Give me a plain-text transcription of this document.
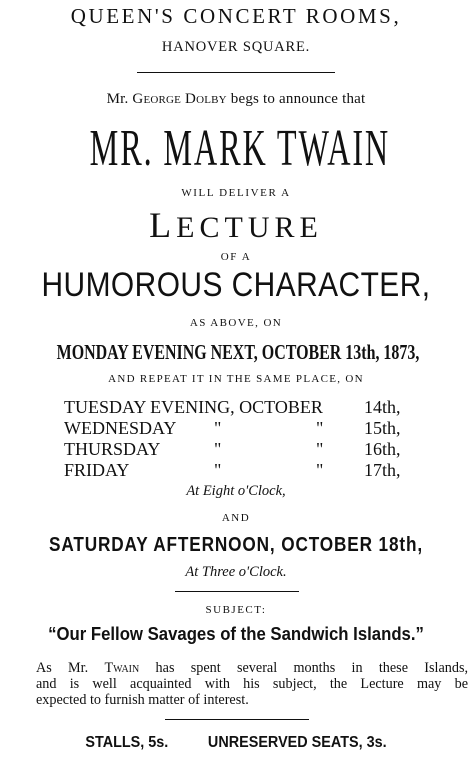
QUEEN'S CONCERT ROOMS,
HANOVER SQUARE.
Mr. George Dolby begs to announce that
MR. MARK TWAIN
WILL DELIVER A
LECTURE
OF A
HUMOROUS CHARACTER,
AS ABOVE, ON
MONDAY EVENING NEXT, OCTOBER 13th, 1873,
AND REPEAT IT IN THE SAME PLACE, ON
TUESDAY EVENING, OCTOBER 14th,
WEDNESDAY "	" 15th,
THURSDAY	"	" 16th,
FRIDAY	"	" 17th,
At Eight o'Clock,
AND
SATURDAY AFTERNOON, OCTOBER 18th,
At Three o'Clock.
SUBJECT:
“Our Fellow Savages of the Sandwich Islands.”

As Mr. Twain has spent several months in these Islands,

and is well acquainted with his subject, the Lecture may be

expected to furnish matter of interest.

STALLS, 5s. UNRESERVED SEATS, 3s.
